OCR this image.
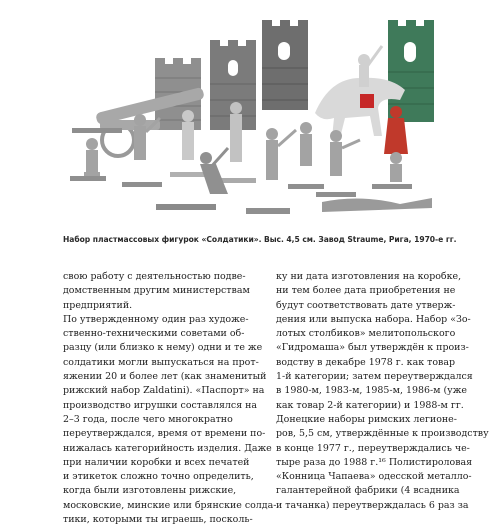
Набор пластмассовых фигурок «Солдатики». Выс. 4,5 см. Завод Straume, Рига, 1970-е гг.
свою работу с деятельностью подве-
домственным другим министерствам
предприятий.
По утвержденному один раз художе-
ственно-техническими советами об-
разцу (или близко к нему) одни и те же
солдатики могли выпускаться на прот-
яжении 20 и более лет (как знаменитый
рижский набор Zaldatini). «Паспорт» на
производство игрушки составлялся на
2–3 года, после чего многократно
переутверждался, время от времени по-
нижалась категорийность изделия. Даже
при наличии коробки и всех печатей
и этикеток сложно точно определить,
когда были изготовлены рижские,
московские, минские или брянские солда-
тики, которыми ты играешь, посколь-
ку ни дата изготовления на коробке,
ни тем более дата приобретения не
будут соответствовать дате утверж-
дения или выпуска набора. Набор «Зо-
лотых столбиков» мелитопольского
«Гидромаша» был утверждён к произ-
водству в декабре 1978 г. как товар
1-й категории; затем переутверждался
в 1980-м, 1983-м, 1985-м, 1986-м (уже
как товар 2-й категории) и 1988-м гг.
Донецкие наборы римских легионе-
ров, 5,5 см, утверждённые к производству
в конце 1977 г., переутверждались че-
тыре раза до 1988 г.¹⁶ Полистироловая
«Конница Чапаева» одесской металло-
галантерейной фабрики (4 всадника
и тачанка) переутверждалась 6 раз за
